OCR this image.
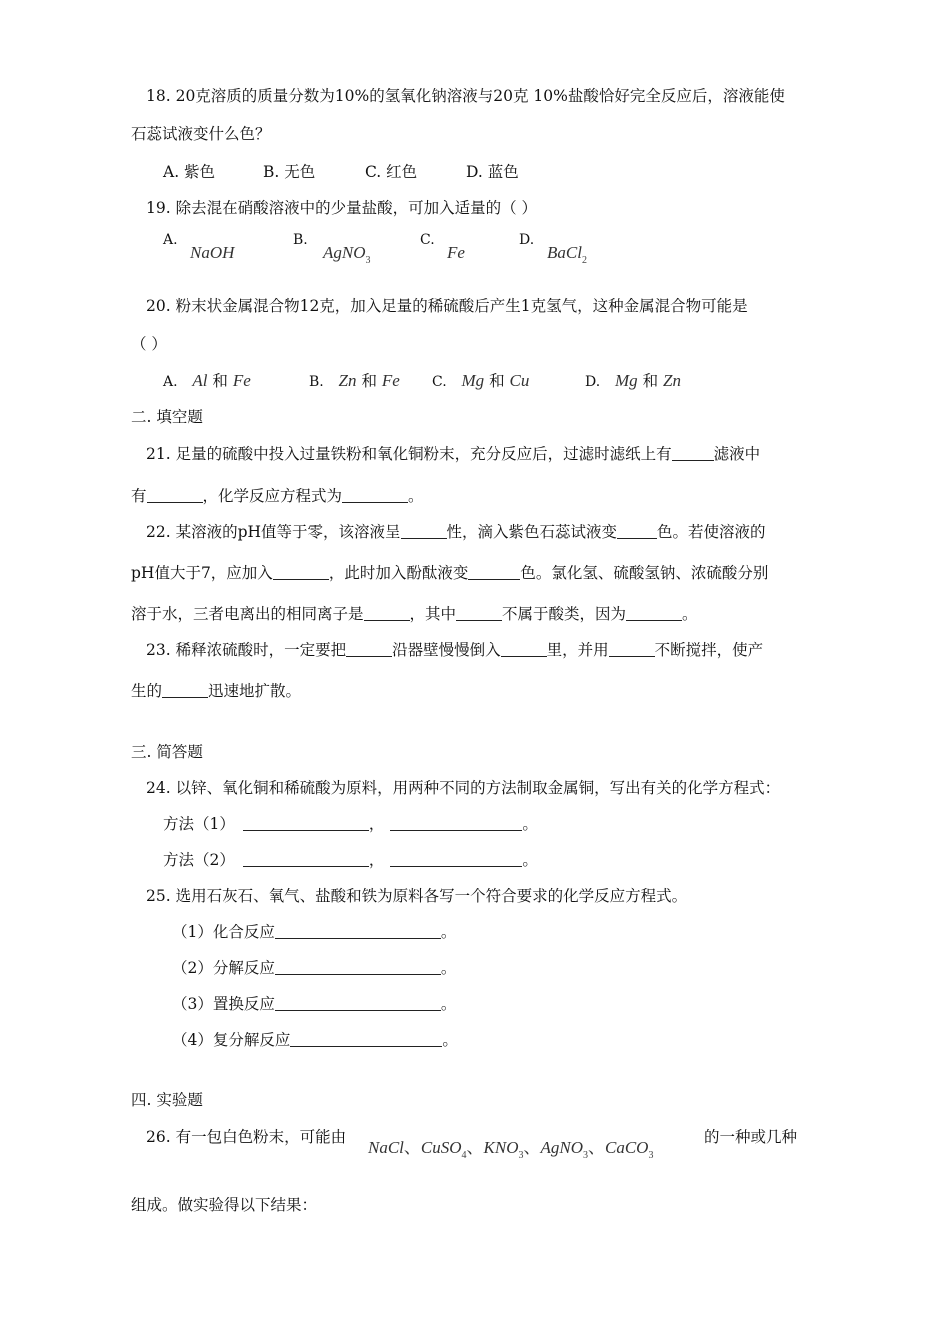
18. 20克溶质的质量分数为10%的氢氧化钠溶液与20克 10%盐酸恰好完全反应后，溶液能使
石蕊试液变什么色？
A. 紫色	B. 无色	C. 红色	D. 蓝色
19. 除去混在硝酸溶液中的少量盐酸，可加入适量的（ ）
A.
NaOH
B.
AgNO$_3$
C.
Fe
D.
BaCl$_2$
20. 粉末状金属混合物12克，加入足量的稀硫酸后产生1克氢气，这种金属混合物可能是
（ ）
A. Al 和 Fe	B. Zn 和 Fe C. Mg 和 Cu	D. Mg 和 Zn
二. 填空题
21. 足量的硫酸中投入过量铁粉和氧化铜粉末，充分反应后，过滤时滤纸上有	滤液中
有	，化学反应方程式为	。
22. 某溶液的pH值等于零，该溶液呈	性，滴入紫色石蕊试液变	色。若使溶液的
pH值大于7，应加入	，此时加入酚酞液变	色。氯化氢、硫酸氢钠、浓硫酸分别
溶于水，三者电离出的相同离子是	，其中	不属于酸类，因为	。
23. 稀释浓硫酸时，一定要把	沿器壁慢慢倒入	里，并用	不断搅拌，使产
生的	迅速地扩散。
三. 简答题
24. 以锌、氧化铜和稀硫酸为原料，用两种不同的方法制取金属铜，写出有关的化学方程式：
方法（1）	，	。
方法（2）	，	。
25. 选用石灰石、氧气、盐酸和铁为原料各写一个符合要求的化学反应方程式。
（1）化合反应	。
（2）分解反应	。
（3）置换反应	。
（4）复分解反应	。
四. 实验题
26. 有一包白色粉末，可能由
NaCl、CuSO$_4$、$KNO_3$、AgNO$_3$、CaCO$_3$
的一种或几种
组成。做实验得以下结果：
